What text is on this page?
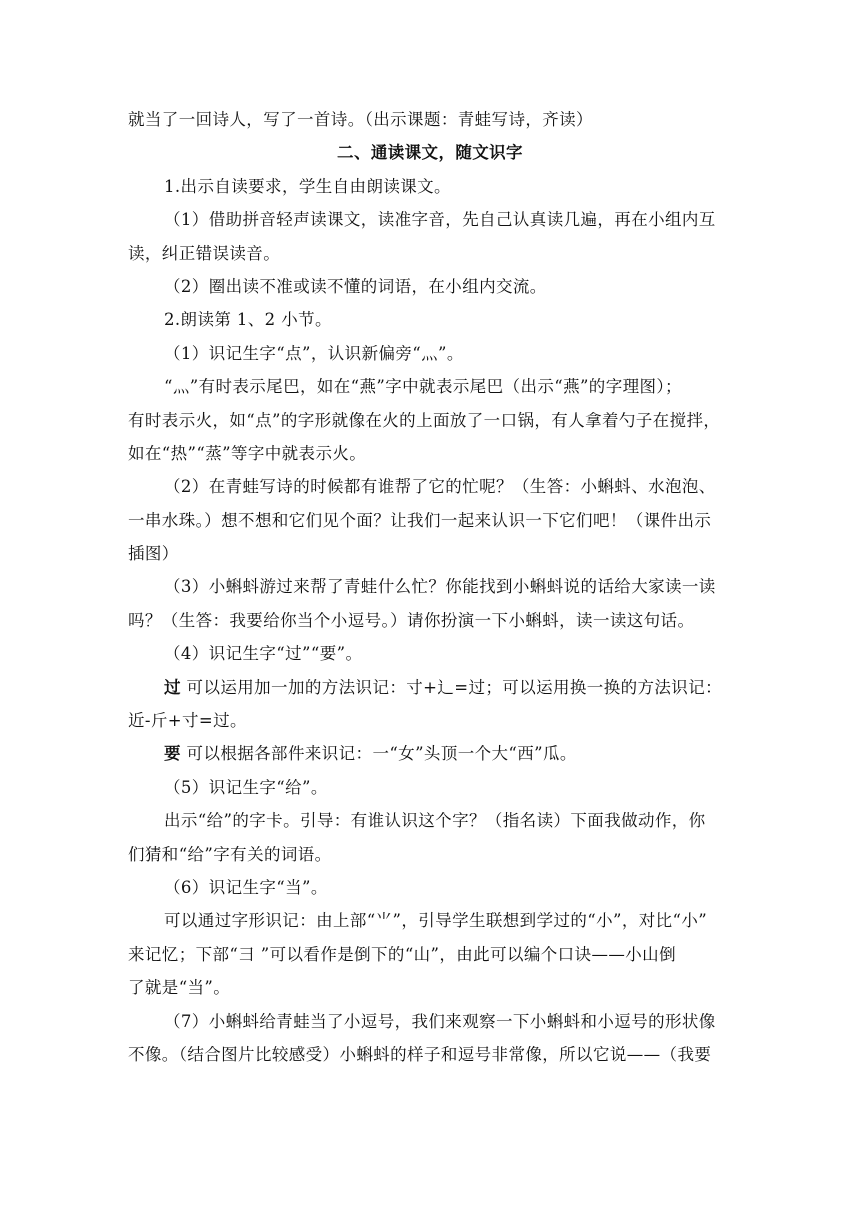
就当了一回诗人，写了一首诗。（出示课题：青蛙写诗，齐读）
二、通读课文，随文识字
1.出示自读要求，学生自由朗读课文。
（1）借助拼音轻声读课文，读准字音，先自己认真读几遍，再在小组内互
读，纠正错误读音。
（2）圈出读不准或读不懂的词语，在小组内交流。
2.朗读第 1、2 小节。
（1）识记生字“点”，认识新偏旁“灬”。
“灬”有时表示尾巴，如在“燕”字中就表示尾巴（出示“燕”的字理图）；
有时表示火，如“点”的字形就像在火的上面放了一口锅，有人拿着勺子在搅拌，
如在“热”“蒸”等字中就表示火。
（2）在青蛙写诗的时候都有谁帮了它的忙呢？（生答：小蝌蚪、水泡泡、
一串水珠。）想不想和它们见个面？让我们一起来认识一下它们吧！（课件出示
插图）
（3）小蝌蚪游过来帮了青蛙什么忙？你能找到小蝌蚪说的话给大家读一读
吗？（生答：我要给你当个小逗号。）请你扮演一下小蝌蚪，读一读这句话。
（4）识记生字“过”“要”。
过 可以运用加一加的方法识记：寸+辶=过；可以运用换一换的方法识记：
近-斤+寸=过。
要 可以根据各部件来识记：一“女”头顶一个大“西”瓜。
（5）识记生字“给”。
出示“给”的字卡。引导：有谁认识这个字？（指名读）下面我做动作，你
们猜和“给”字有关的词语。
（6）识记生字“当”。
可以通过字形识记：由上部“⺌”，引导学生联想到学过的“小”，对比“小”
来记忆；下部“彐 ”可以看作是倒下的“山”，由此可以编个口诀——小山倒
了就是“当”。
（7）小蝌蚪给青蛙当了小逗号，我们来观察一下小蝌蚪和小逗号的形状像
不像。（结合图片比较感受）小蝌蚪的样子和逗号非常像，所以它说——（我要
